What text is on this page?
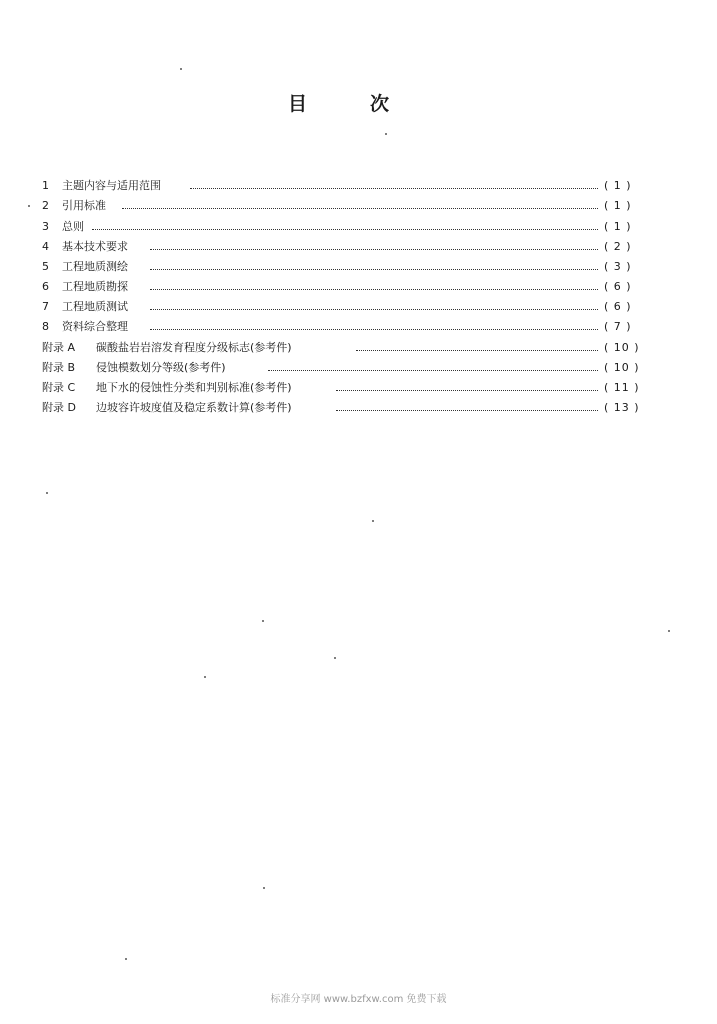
目	次
1 主题内容与适用范围	( 1 )
2 引用标准	( 1 )
3 总则	( 1 )
4 基本技术要求	( 2 )
5 工程地质测绘	( 3 )
6 工程地质勘探	( 6 )
7 工程地质测试	( 6 )
8 资料综合整理	( 7 )
附录 A 碳酸盐岩岩溶发育程度分级标志(参考件)	( 10 )
附录 B 侵蚀模数划分等级(参考件)	( 10 )
附录 C 地下水的侵蚀性分类和判别标准(参考件)	( 11 )
附录 D 边坡容许坡度值及稳定系数计算(参考件)	( 13 )
标准分享网 www.bzfxw.com 免费下载
